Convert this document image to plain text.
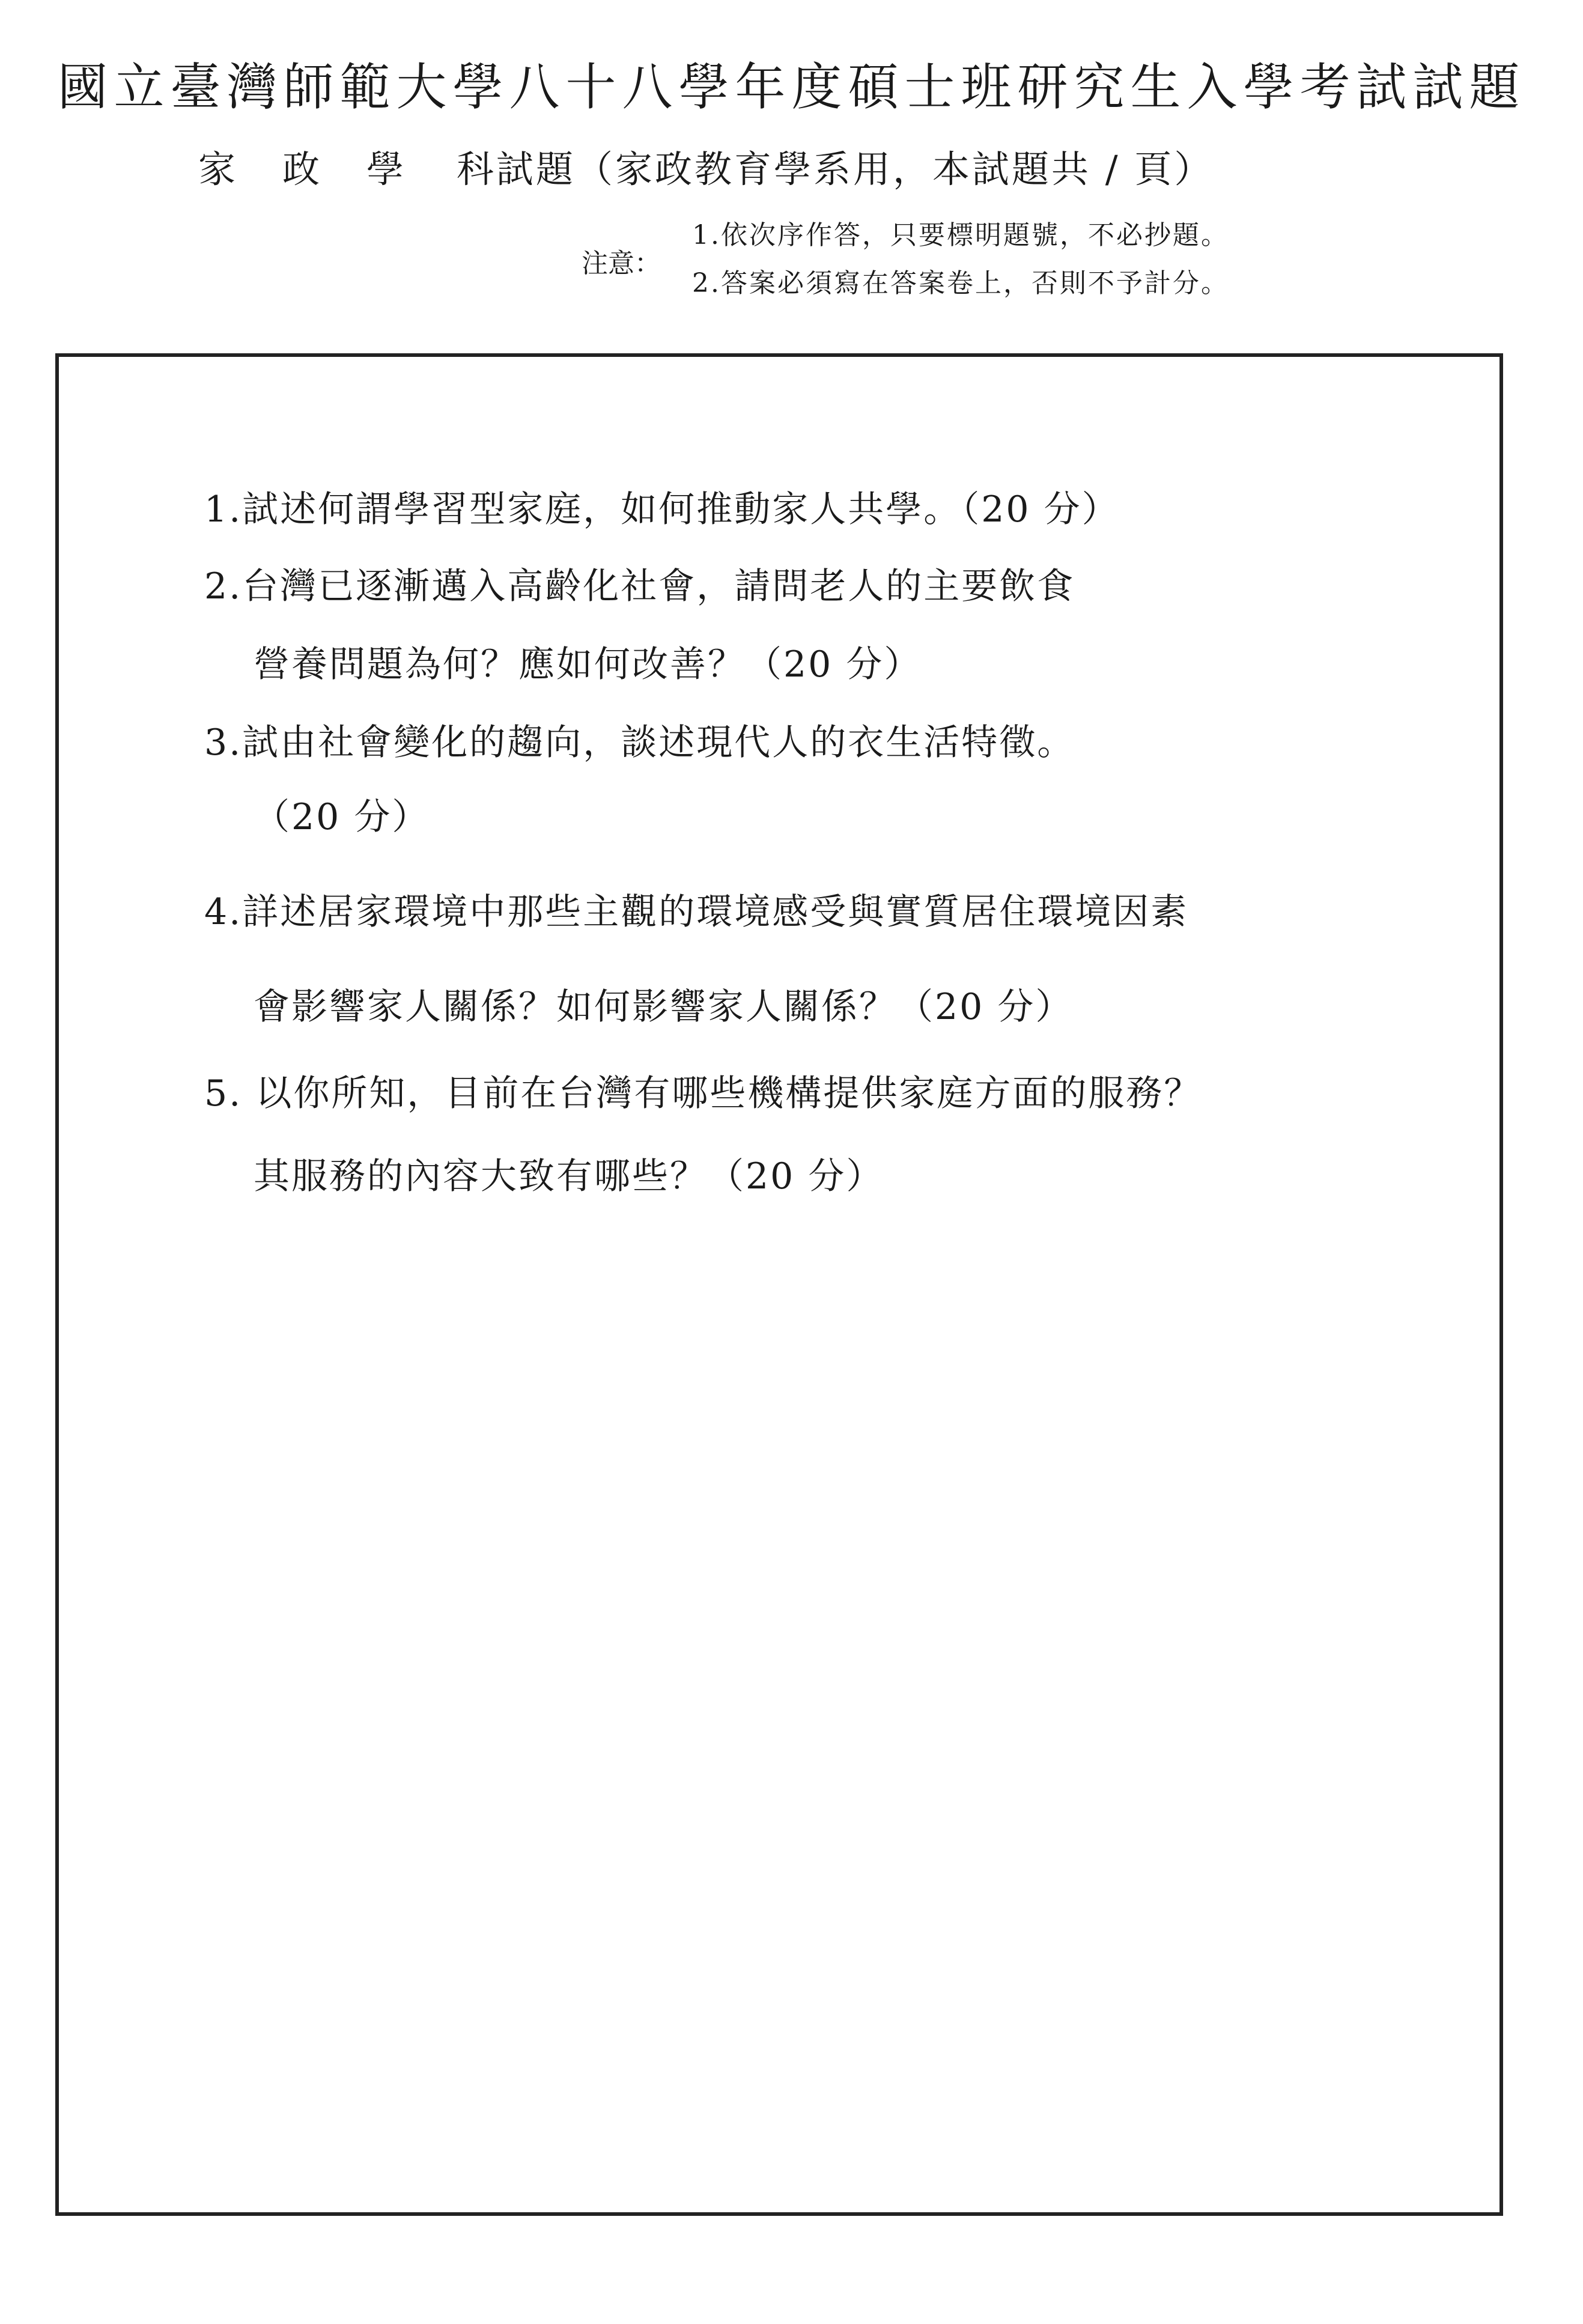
國立臺灣師範大學八十八學年度碩士班研究生入學考試試題
家政學 科試題（家政教育學系用，本試題共 / 頁）
注意：
1.依次序作答，只要標明題號，不必抄題。
2.答案必須寫在答案卷上，否則不予計分。
1.試述何謂學習型家庭，如何推動家人共學。（20 分）
2.台灣已逐漸邁入高齡化社會，請問老人的主要飲食
營養問題為何？應如何改善？（20 分）
3.試由社會變化的趨向，談述現代人的衣生活特徵。
（20 分）
4.詳述居家環境中那些主觀的環境感受與實質居住環境因素
會影響家人關係？如何影響家人關係？（20 分）
5. 以你所知，目前在台灣有哪些機構提供家庭方面的服務？
其服務的內容大致有哪些？（20 分）
